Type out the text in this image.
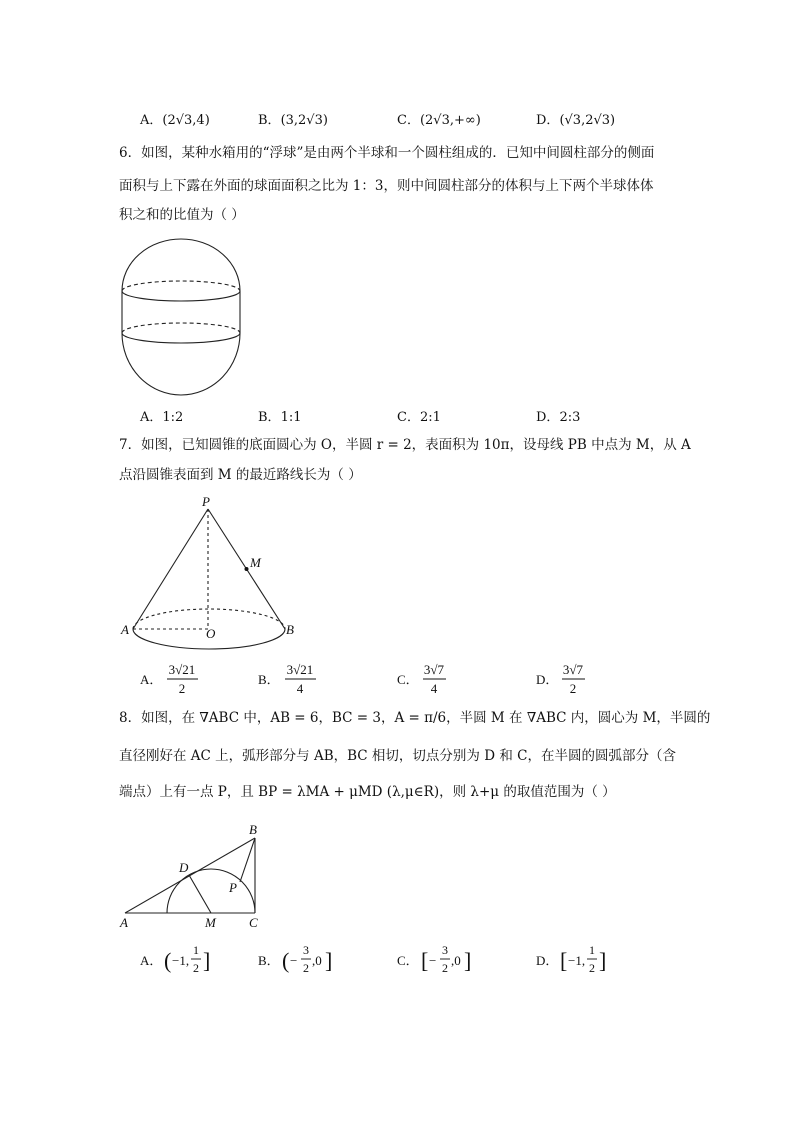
A．(2√3,4)	B．(3,2√3)	C．(2√3,+∞)	D．(√3,2√3)
6．如图，某种水箱用的“浮球”是由两个半球和一个圆柱组成的．已知中间圆柱部分的侧面
面积与上下露在外面的球面面积之比为 1：3，则中间圆柱部分的体积与上下两个半球体体
积之和的比值为（ ）
A．1:2	B．1:1	C．2:1	D．2:3
7．如图，已知圆锥的底面圆心为 O，半圆 r = 2，表面积为 10π，设母线 PB 中点为 M，从 A
点沿圆锥表面到 M 的最近路线长为（ ）
P
M
A	O	B
A．
3√21
2
B．
3√21
4
C．
3√7
4
D．
3√7
2
8．如图，在 ∇ABC 中，AB = 6，BC = 3，A = π/6，半圆 M 在 ∇ABC 内，圆心为 M，半圆的
直径刚好在 AC 上，弧形部分与 AB，BC 相切，切点分别为 D 和 C，在半圆的圆弧部分（含
端点）上有一点 P，且 BP = λMA + μMD (λ,μ∈R)，则 λ+μ 的取值范围为（ ）
D
B
P
A	M	C
A． ( −1,
1
2 ]	B． ( −
3
2 ,0 ]	C． [ −
3
2 ,0 ]	D． [ −1,
1
2 ]
